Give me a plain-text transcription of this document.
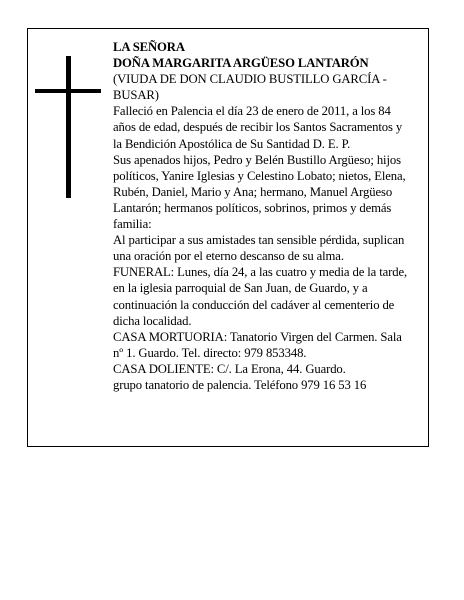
LA SEÑORA

DOÑA MARGARITA ARGÜESO LANTARÓN

(VIUDA DE DON CLAUDIO BUSTILLO GARCÍA - BUSAR)

Falleció en Palencia el día 23 de enero de 2011, a los 84 años de edad, después de recibir los Santos Sacramentos y la Bendición Apostólica de Su Santidad D. E. P.

Sus apenados hijos, Pedro y Belén Bustillo Argüeso; hijos políticos, Yanire Iglesias y Celestino Lobato; nietos, Elena, Rubén, Daniel, Mario y Ana; hermano, Manuel Argüeso Lantarón; hermanos políticos, sobrinos, primos y demás familia:

Al participar a sus amistades tan sensible pérdida, suplican una oración por el eterno descanso de su alma.

FUNERAL: Lunes, día 24, a las cuatro y media de la tarde, en la iglesia parroquial de San Juan, de Guardo, y a continuación la conducción del cadáver al cementerio de dicha localidad.

CASA MORTUORIA: Tanatorio Virgen del Carmen. Sala nº 1. Guardo. Tel. directo: 979 853348.

CASA DOLIENTE: C/. La Erona, 44. Guardo.

grupo tanatorio de palencia. Teléfono 979 16 53 16
